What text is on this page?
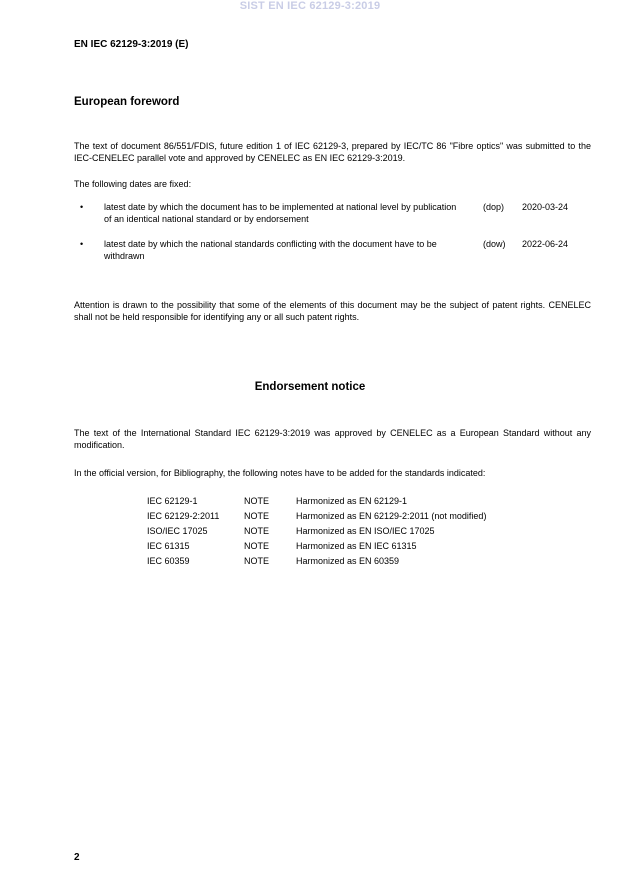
SIST EN IEC 62129-3:2019
EN IEC 62129-3:2019 (E)
European foreword
The text of document 86/551/FDIS, future edition 1 of IEC 62129-3, prepared by IEC/TC 86 "Fibre optics" was submitted to the IEC-CENELEC parallel vote and approved by CENELEC as EN IEC 62129-3:2019.
The following dates are fixed:
• latest date by which the document has to be implemented at national level by publication of an identical national standard or by endorsement
(dop) 2020-03-24
• latest date by which the national standards conflicting with the document have to be withdrawn
(dow) 2022-06-24
Attention is drawn to the possibility that some of the elements of this document may be the subject of patent rights. CENELEC shall not be held responsible for identifying any or all such patent rights.
Endorsement notice
The text of the International Standard IEC 62129-3:2019 was approved by CENELEC as a European Standard without any modification.
In the official version, for Bibliography, the following notes have to be added for the standards indicated:
IEC 62129-1	NOTE	Harmonized as EN 62129-1
IEC 62129-2:2011	NOTE	Harmonized as EN 62129-2:2011 (not modified)
ISO/IEC 17025	NOTE	Harmonized as EN ISO/IEC 17025
IEC 61315	NOTE	Harmonized as EN IEC 61315
IEC 60359	NOTE	Harmonized as EN 60359
2
